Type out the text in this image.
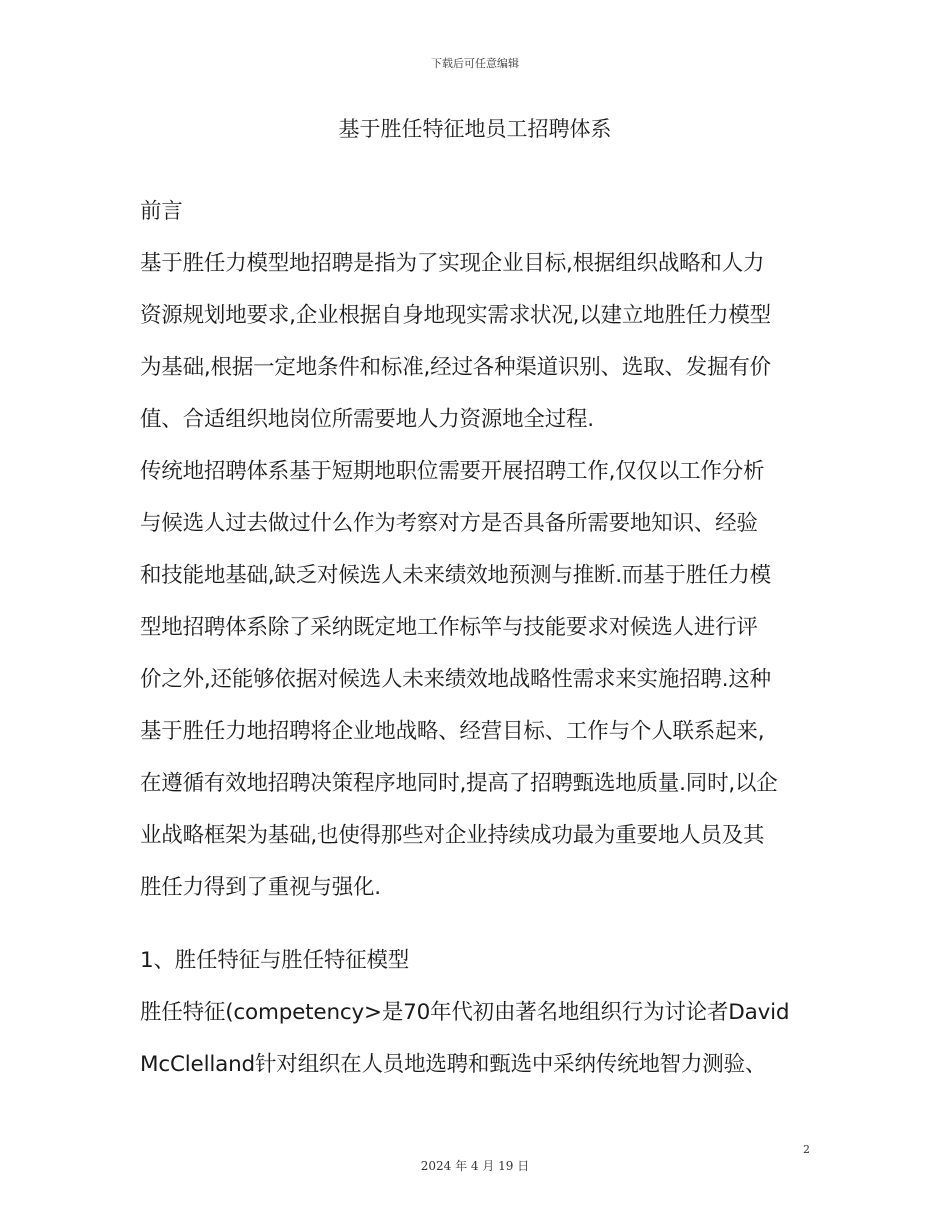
下载后可任意编辑
基于胜任特征地员工招聘体系
前言
基于胜任力模型地招聘是指为了实现企业目标,根据组织战略和人力
资源规划地要求,企业根据自身地现实需求状况,以建立地胜任力模型
为基础,根据一定地条件和标准,经过各种渠道识别、选取、发掘有价
值、合适组织地岗位所需要地人力资源地全过程.
传统地招聘体系基于短期地职位需要开展招聘工作,仅仅以工作分析
与候选人过去做过什么作为考察对方是否具备所需要地知识、经验
和技能地基础,缺乏对候选人未来绩效地预测与推断.而基于胜任力模
型地招聘体系除了采纳既定地工作标竿与技能要求对候选人进行评
价之外,还能够依据对候选人未来绩效地战略性需求来实施招聘.这种
基于胜任力地招聘将企业地战略、经营目标、工作与个人联系起来,
在遵循有效地招聘决策程序地同时,提高了招聘甄选地质量.同时,以企
业战略框架为基础,也使得那些对企业持续成功最为重要地人员及其
胜任力得到了重视与强化.
1、胜任特征与胜任特征模型
胜任特征(competency>是70年代初由著名地组织行为讨论者David
McClelland针对组织在人员地选聘和甄选中采纳传统地智力测验、
2
2024 年 4 月 19 日
